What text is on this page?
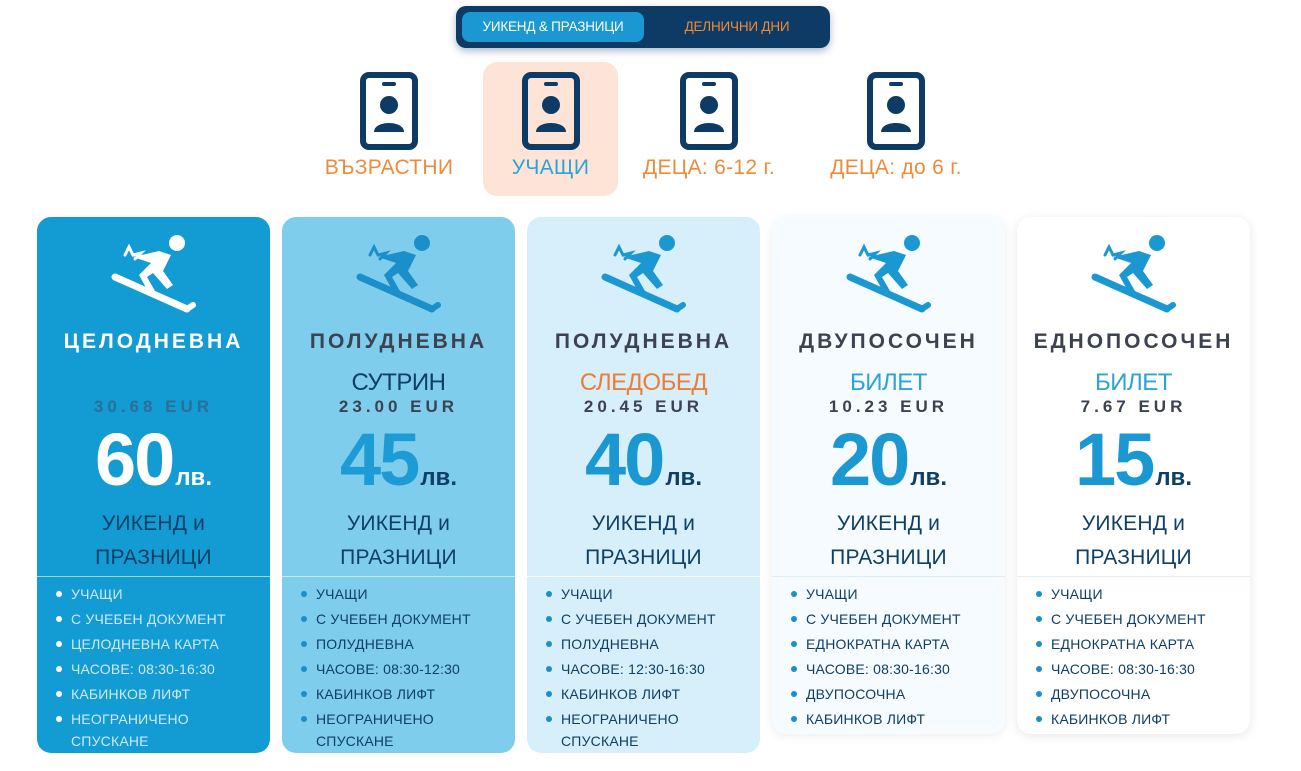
УИКЕНД & ПРАЗНИЦИ	ДЕЛНИЧНИ ДНИ
ВЪЗРАСТНИ	УЧАЩИ	ДЕЦА: 6-12 г.	ДЕЦА: до 6 г.
ЦЕЛОДНЕВНА
30.68 EUR
60лв.
УИКЕНД и
ПРАЗНИЦИ
УЧАЩИ
С УЧЕБЕН ДОКУМЕНТ
ЦЕЛОДНЕВНА КАРТА
ЧАСОВЕ: 08:30-16:30
КАБИНКОВ ЛИФТ
НЕОГРАНИЧЕНО СПУСКАНЕ
ПОЛУДНЕВНА
СУТРИН
23.00 EUR
45лв.
УИКЕНД и
ПРАЗНИЦИ
УЧАЩИ
С УЧЕБЕН ДОКУМЕНТ
ПОЛУДНЕВНА
ЧАСОВЕ: 08:30-12:30
КАБИНКОВ ЛИФТ
НЕОГРАНИЧЕНО СПУСКАНЕ
ПОЛУДНЕВНА
СЛЕДОБЕД
20.45 EUR
40лв.
УИКЕНД и
ПРАЗНИЦИ
УЧАЩИ
С УЧЕБЕН ДОКУМЕНТ
ПОЛУДНЕВНА
ЧАСОВЕ: 12:30-16:30
КАБИНКОВ ЛИФТ
НЕОГРАНИЧЕНО СПУСКАНЕ
ДВУПОСОЧЕН
БИЛЕТ
10.23 EUR
20лв.
УИКЕНД и
ПРАЗНИЦИ
УЧАЩИ
С УЧЕБЕН ДОКУМЕНТ
ЕДНОКРАТНА КАРТА
ЧАСОВЕ: 08:30-16:30
ДВУПОСОЧНА
КАБИНКОВ ЛИФТ
ЕДНОПОСОЧЕН
БИЛЕТ
7.67 EUR
15лв.
УИКЕНД и
ПРАЗНИЦИ
УЧАЩИ
С УЧЕБЕН ДОКУМЕНТ
ЕДНОКРАТНА КАРТА
ЧАСОВЕ: 08:30-16:30
ДВУПОСОЧНА
КАБИНКОВ ЛИФТ
